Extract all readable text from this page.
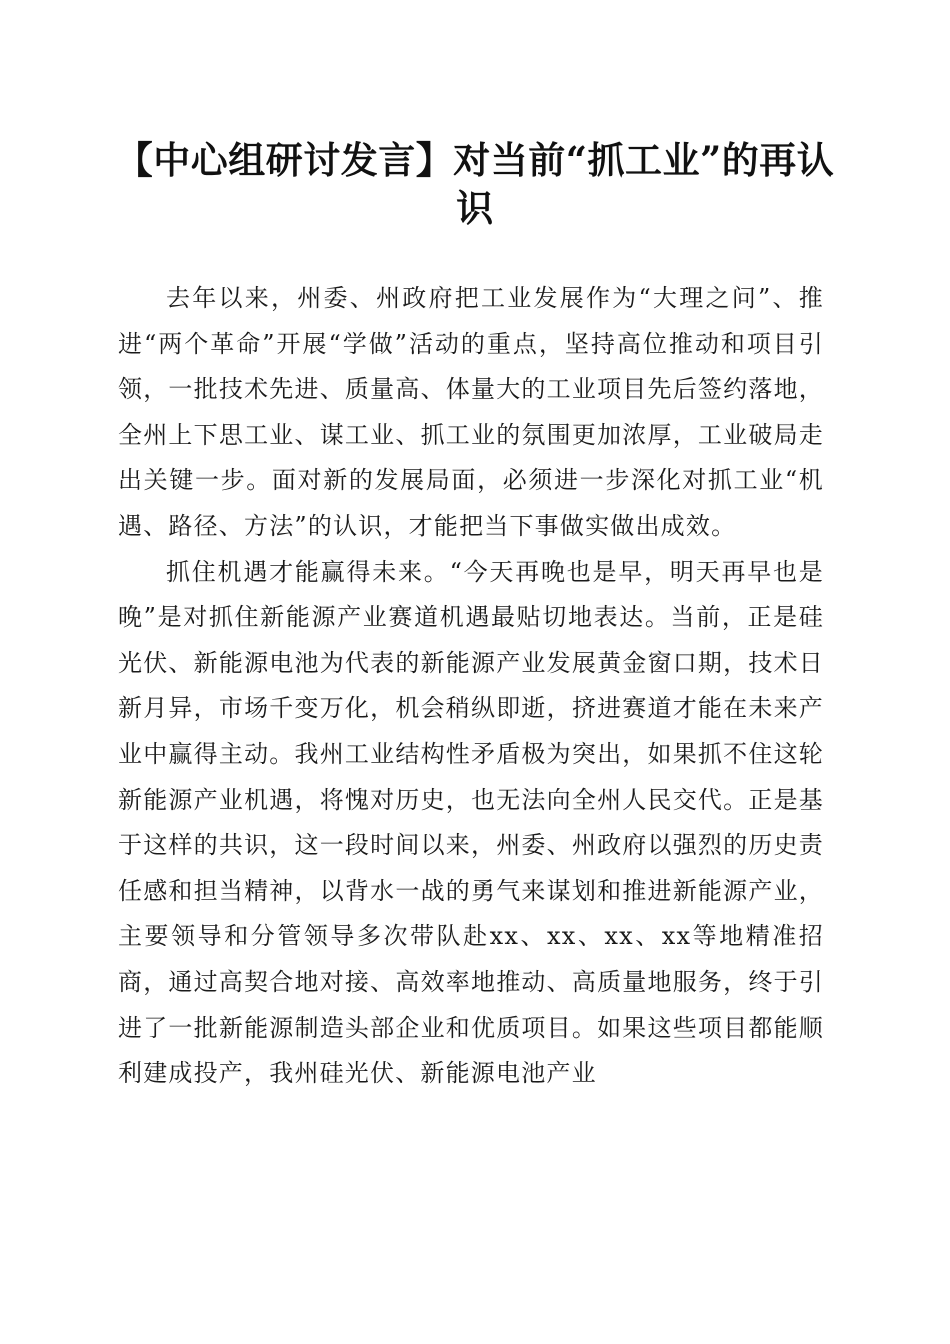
【中心组研讨发言】对当前“抓工业”的再认识

去年以来，州委、州政府把工业发展作为“大理之问”、推进“两个革命”开展“学做”活动的重点，坚持高位推动和项目引领，一批技术先进、质量高、体量大的工业项目先后签约落地，全州上下思工业、谋工业、抓工业的氛围更加浓厚，工业破局走出关键一步。面对新的发展局面，必须进一步深化对抓工业“机遇、路径、方法”的认识，才能把当下事做实做出成效。

抓住机遇才能赢得未来。“今天再晚也是早，明天再早也是晚”是对抓住新能源产业赛道机遇最贴切地表达。当前，正是硅光伏、新能源电池为代表的新能源产业发展黄金窗口期，技术日新月异，市场千变万化，机会稍纵即逝，挤进赛道才能在未来产业中赢得主动。我州工业结构性矛盾极为突出，如果抓不住这轮新能源产业机遇，将愧对历史，也无法向全州人民交代。正是基于这样的共识，这一段时间以来，州委、州政府以强烈的历史责任感和担当精神，以背水一战的勇气来谋划和推进新能源产业，主要领导和分管领导多次带队赴xx、xx、xx、xx等地精准招商，通过高契合地对接、高效率地推动、高质量地服务，终于引进了一批新能源制造头部企业和优质项目。如果这些项目都能顺利建成投产，我州硅光伏、新能源电池产业
